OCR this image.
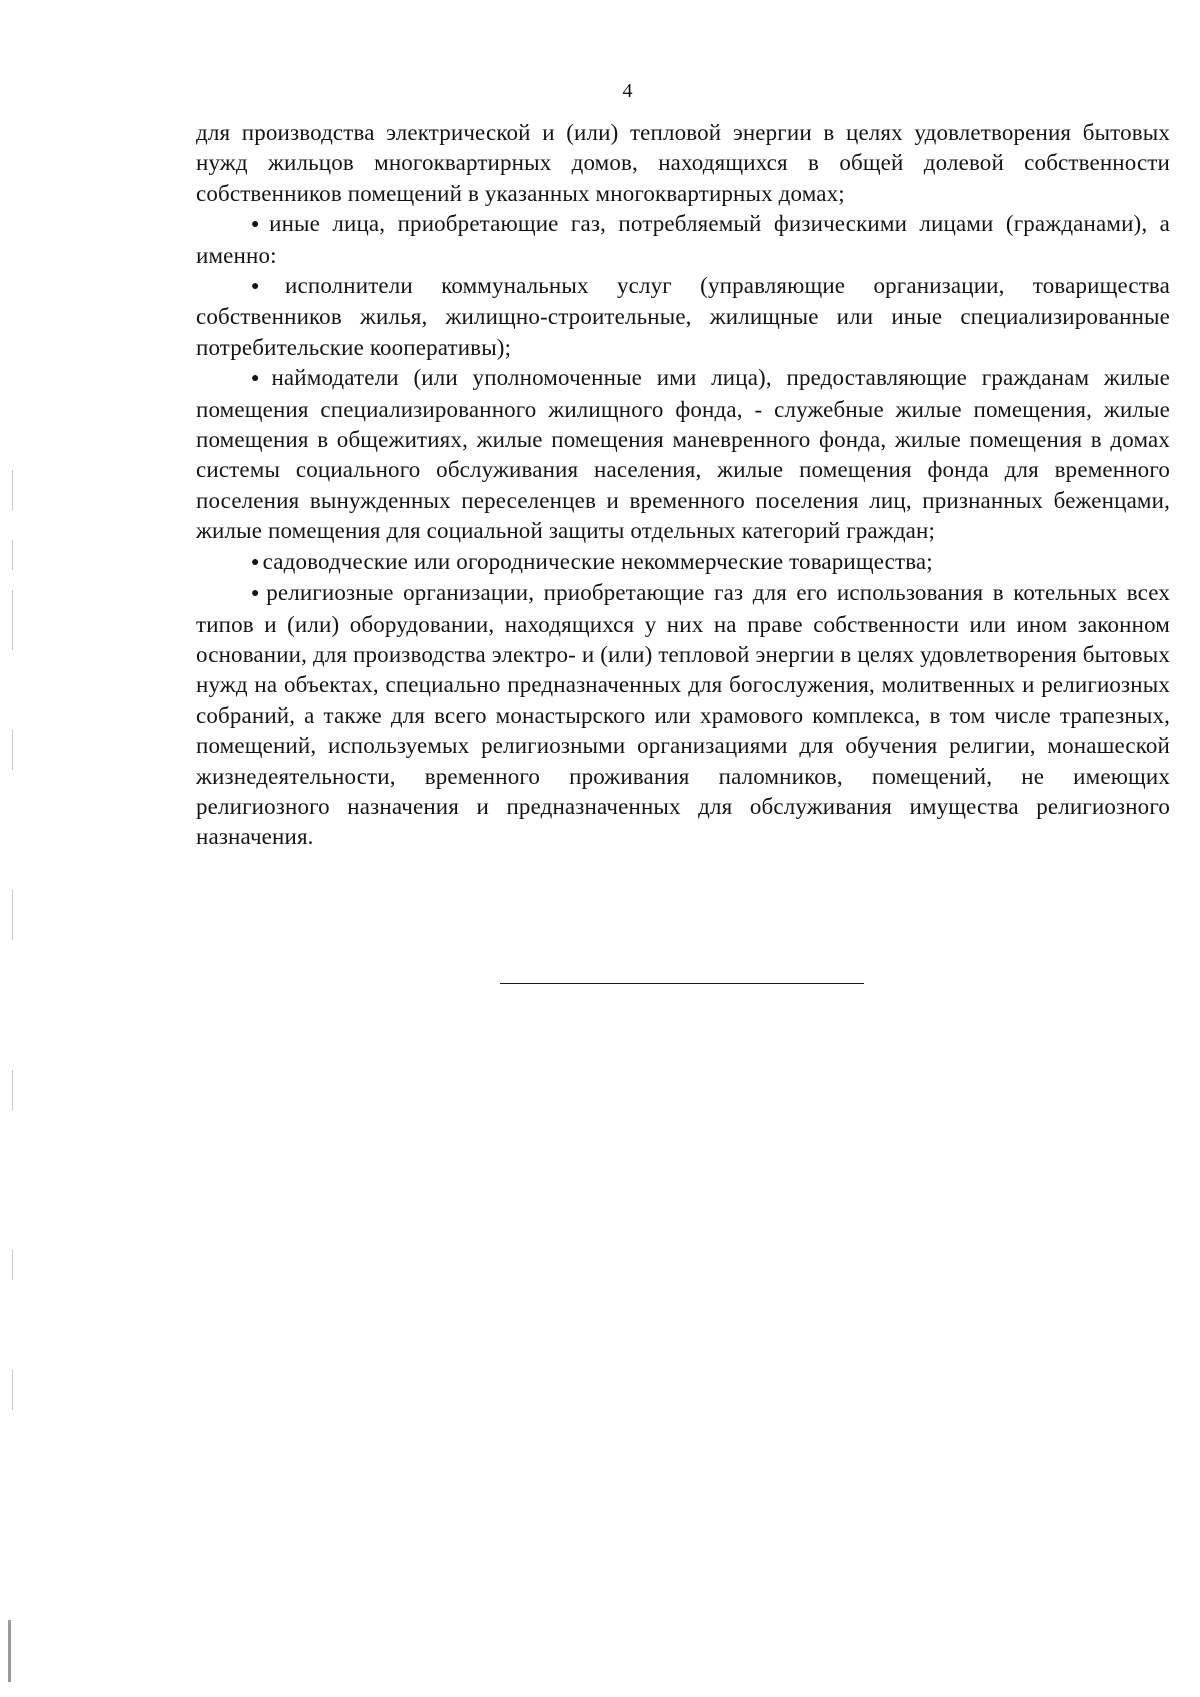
4

для производства электрической и (или) тепловой энергии в целях удовлетворения бытовых нужд жильцов многоквартирных домов, находящихся в общей долевой собственности собственников помещений в указанных многоквартирных домах;

● иные лица, приобретающие газ, потребляемый физическими лицами (гражданами), а именно:

● исполнители коммунальных услуг (управляющие организации, товарищества собственников жилья, жилищно-строительные, жилищные или иные специализированные потребительские кооперативы);

● наймодатели (или уполномоченные ими лица), предоставляющие гражданам жилые помещения специализированного жилищного фонда, - служебные жилые помещения, жилые помещения в общежитиях, жилые помещения маневренного фонда, жилые помещения в домах системы социального обслуживания населения, жилые помещения фонда для временного поселения вынужденных переселенцев и временного поселения лиц, признанных беженцами, жилые помещения для социальной защиты отдельных категорий граждан;

● садоводческие или огороднические некоммерческие товарищества;

● религиозные организации, приобретающие газ для его использования в котельных всех типов и (или) оборудовании, находящихся у них на праве собственности или ином законном основании, для производства электро- и (или) тепловой энергии в целях удовлетворения бытовых нужд на объектах, специально предназначенных для богослужения, молитвенных и религиозных собраний, а также для всего монастырского или храмового комплекса, в том числе трапезных, помещений, используемых религиозными организациями для обучения религии, монашеской жизнедеятельности, временного проживания паломников, помещений, не имеющих религиозного назначения и предназначенных для обслуживания имущества религиозного назначения.
